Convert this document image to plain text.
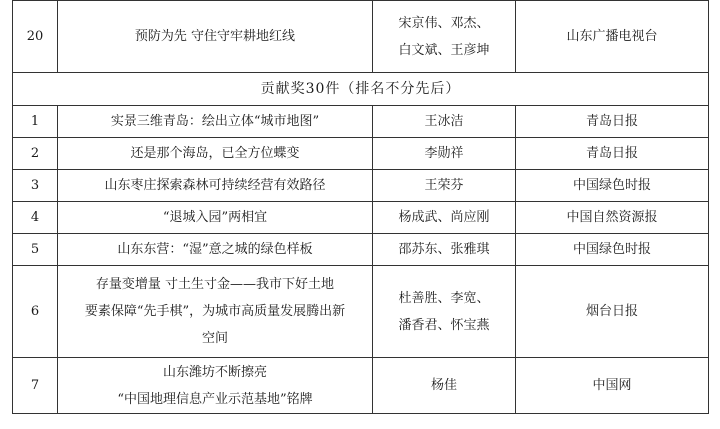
20	预防为先 守住守牢耕地红线	宋京伟、邓杰、
白文斌、王彦坤	山东广播电视台
贡献奖30件（排名不分先后）			
1	实景三维青岛：绘出立体“城市地图”	王冰洁	青岛日报
2	还是那个海岛，已全方位蝶变	李勋祥	青岛日报
3	山东枣庄探索森林可持续经营有效路径	王荣芬	中国绿色时报
4	“退城入园”两相宜	杨成武、尚应刚	中国自然资源报
5	山东东营：“湿”意之城的绿色样板	邵苏东、张雅琪	中国绿色时报
6	存量变增量 寸土生寸金——我市下好土地
要素保障“先手棋”，为城市高质量发展腾出新
空间	杜善胜、李宽、
潘香君、怀宝燕	烟台日报
7	山东潍坊不断擦亮
“中国地理信息产业示范基地”铭牌	杨佳	中国网
